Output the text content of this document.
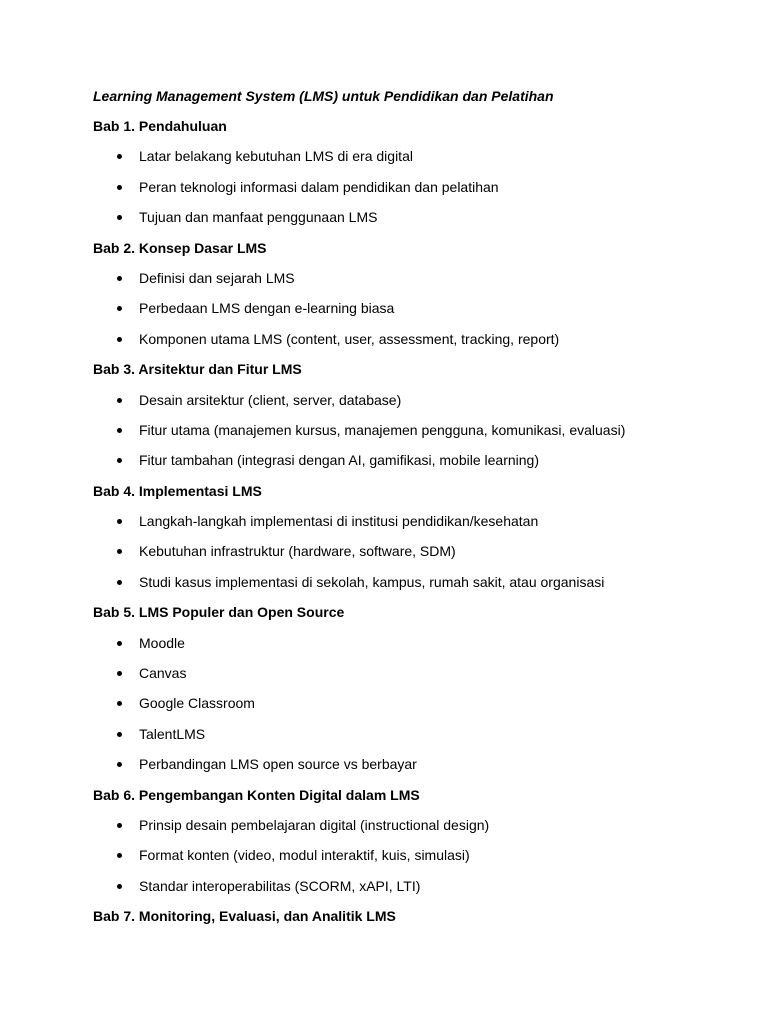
Learning Management System (LMS) untuk Pendidikan dan Pelatihan
Bab 1. Pendahuluan
Latar belakang kebutuhan LMS di era digital
Peran teknologi informasi dalam pendidikan dan pelatihan
Tujuan dan manfaat penggunaan LMS
Bab 2. Konsep Dasar LMS
Definisi dan sejarah LMS
Perbedaan LMS dengan e-learning biasa
Komponen utama LMS (content, user, assessment, tracking, report)
Bab 3. Arsitektur dan Fitur LMS
Desain arsitektur (client, server, database)
Fitur utama (manajemen kursus, manajemen pengguna, komunikasi, evaluasi)
Fitur tambahan (integrasi dengan AI, gamifikasi, mobile learning)
Bab 4. Implementasi LMS
Langkah-langkah implementasi di institusi pendidikan/kesehatan
Kebutuhan infrastruktur (hardware, software, SDM)
Studi kasus implementasi di sekolah, kampus, rumah sakit, atau organisasi
Bab 5. LMS Populer dan Open Source
Moodle
Canvas
Google Classroom
TalentLMS
Perbandingan LMS open source vs berbayar
Bab 6. Pengembangan Konten Digital dalam LMS
Prinsip desain pembelajaran digital (instructional design)
Format konten (video, modul interaktif, kuis, simulasi)
Standar interoperabilitas (SCORM, xAPI, LTI)
Bab 7. Monitoring, Evaluasi, dan Analitik LMS
